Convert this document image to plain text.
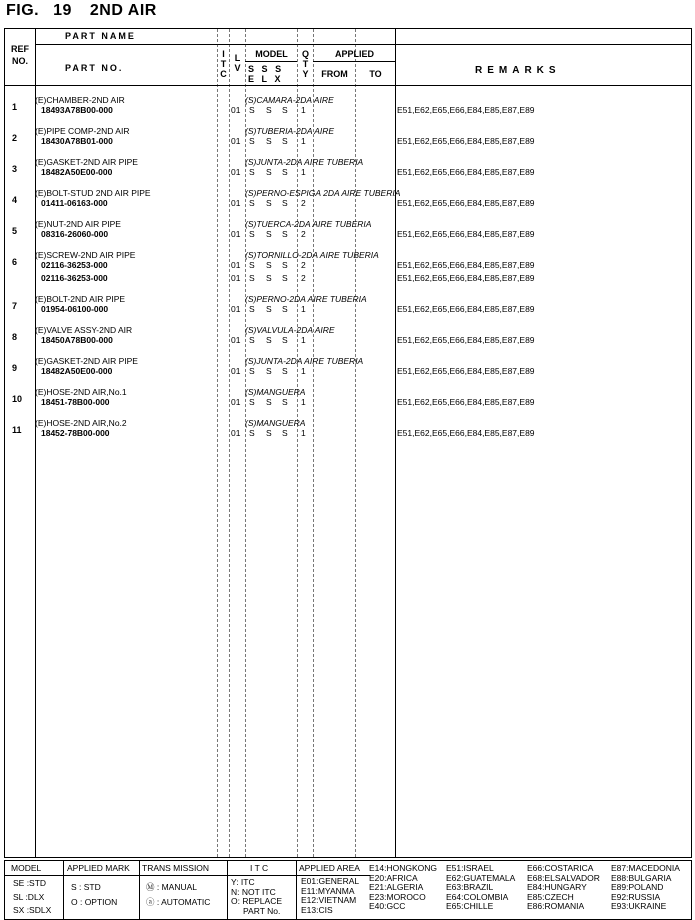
FIG. 19 2ND AIR
REF
NO.
PART NAME
PART NO.
I
T
C
L
V
MODEL
S S S
E L X
Q
T
Y
APPLIED
FROM	TO	REMARKS
1
(E)CHAMBER-2ND AIR	(S)CAMARA-2DA AIRE
18493A78B00-000	01 S S S 1	E51,E62,E65,E66,E84,E85,E87,E89
2
(E)PIPE COMP-2ND AIR	(S)TUBERIA-2DA AIRE
18430A78B01-000	01 S S S 1	E51,E62,E65,E66,E84,E85,E87,E89
3
(E)GASKET-2ND AIR PIPE	(S)JUNTA-2DA AIRE TUBERIA
18482A50E00-000	01 S S S 1	E51,E62,E65,E66,E84,E85,E87,E89
4
(E)BOLT-STUD 2ND AIR PIPE	(S)PERNO-ESPIGA 2DA AIRE TUBERIA
01411-06163-000	01 S S S 2	E51,E62,E65,E66,E84,E85,E87,E89
5
(E)NUT-2ND AIR PIPE	(S)TUERCA-2DA AIRE TUBERIA
08316-26060-000	01 S S S 2	E51,E62,E65,E66,E84,E85,E87,E89
6
(E)SCREW-2ND AIR PIPE	(S)TORNILLO-2DA AIRE TUBERIA
02116-36253-000	01 S S S 2	E51,E62,E65,E66,E84,E85,E87,E89
02116-36253-000	01 S S S 2	E51,E62,E65,E66,E84,E85,E87,E89
7
(E)BOLT-2ND AIR PIPE	(S)PERNO-2DA AIRE TUBERIA
01954-06100-000	01 S S S 1	E51,E62,E65,E66,E84,E85,E87,E89
8
(E)VALVE ASSY-2ND AIR	(S)VALVULA-2DA AIRE
18450A78B00-000	01 S S S 1	E51,E62,E65,E66,E84,E85,E87,E89
9
(E)GASKET-2ND AIR PIPE	(S)JUNTA-2DA AIRE TUBERIA
18482A50E00-000	01 S S S 1	E51,E62,E65,E66,E84,E85,E87,E89
10
(E)HOSE-2ND AIR,No.1	(S)MANGUERA
18451-78B00-000	01 S S S 1	E51,E62,E65,E66,E84,E85,E87,E89
11
(E)HOSE-2ND AIR,No.2	(S)MANGUERA
18452-78B00-000	01 S S S 1	E51,E62,E65,E66,E84,E85,E87,E89
MODEL
SE :STD
SL :DLX
SX :SDLX
APPLIED MARK
S : STD
O : OPTION
TRANS MISSION
Ⓜ : MANUAL
ⓐ : AUTOMATIC
I T C
Y: ITC
N: NOT ITC
O: REPLACE
PART No.
APPLIED AREA
E01:GENERAL
E11:MYANMA
E12:VIETNAM
E13:CIS
E14:HONGKONG
E20:AFRICA
E21:ALGERIA
E23:MOROCO
E40:GCC
E51:ISRAEL
E62:GUATEMALA
E63:BRAZIL
E64:COLOMBIA
E65:CHILLE
E66:COSTARICA
E68:ELSALVADOR
E84:HUNGARY
E85:CZECH
E86:ROMANIA
E87:MACEDONIA
E88:BULGARIA
E89:POLAND
E92:RUSSIA
E93:UKRAINE
